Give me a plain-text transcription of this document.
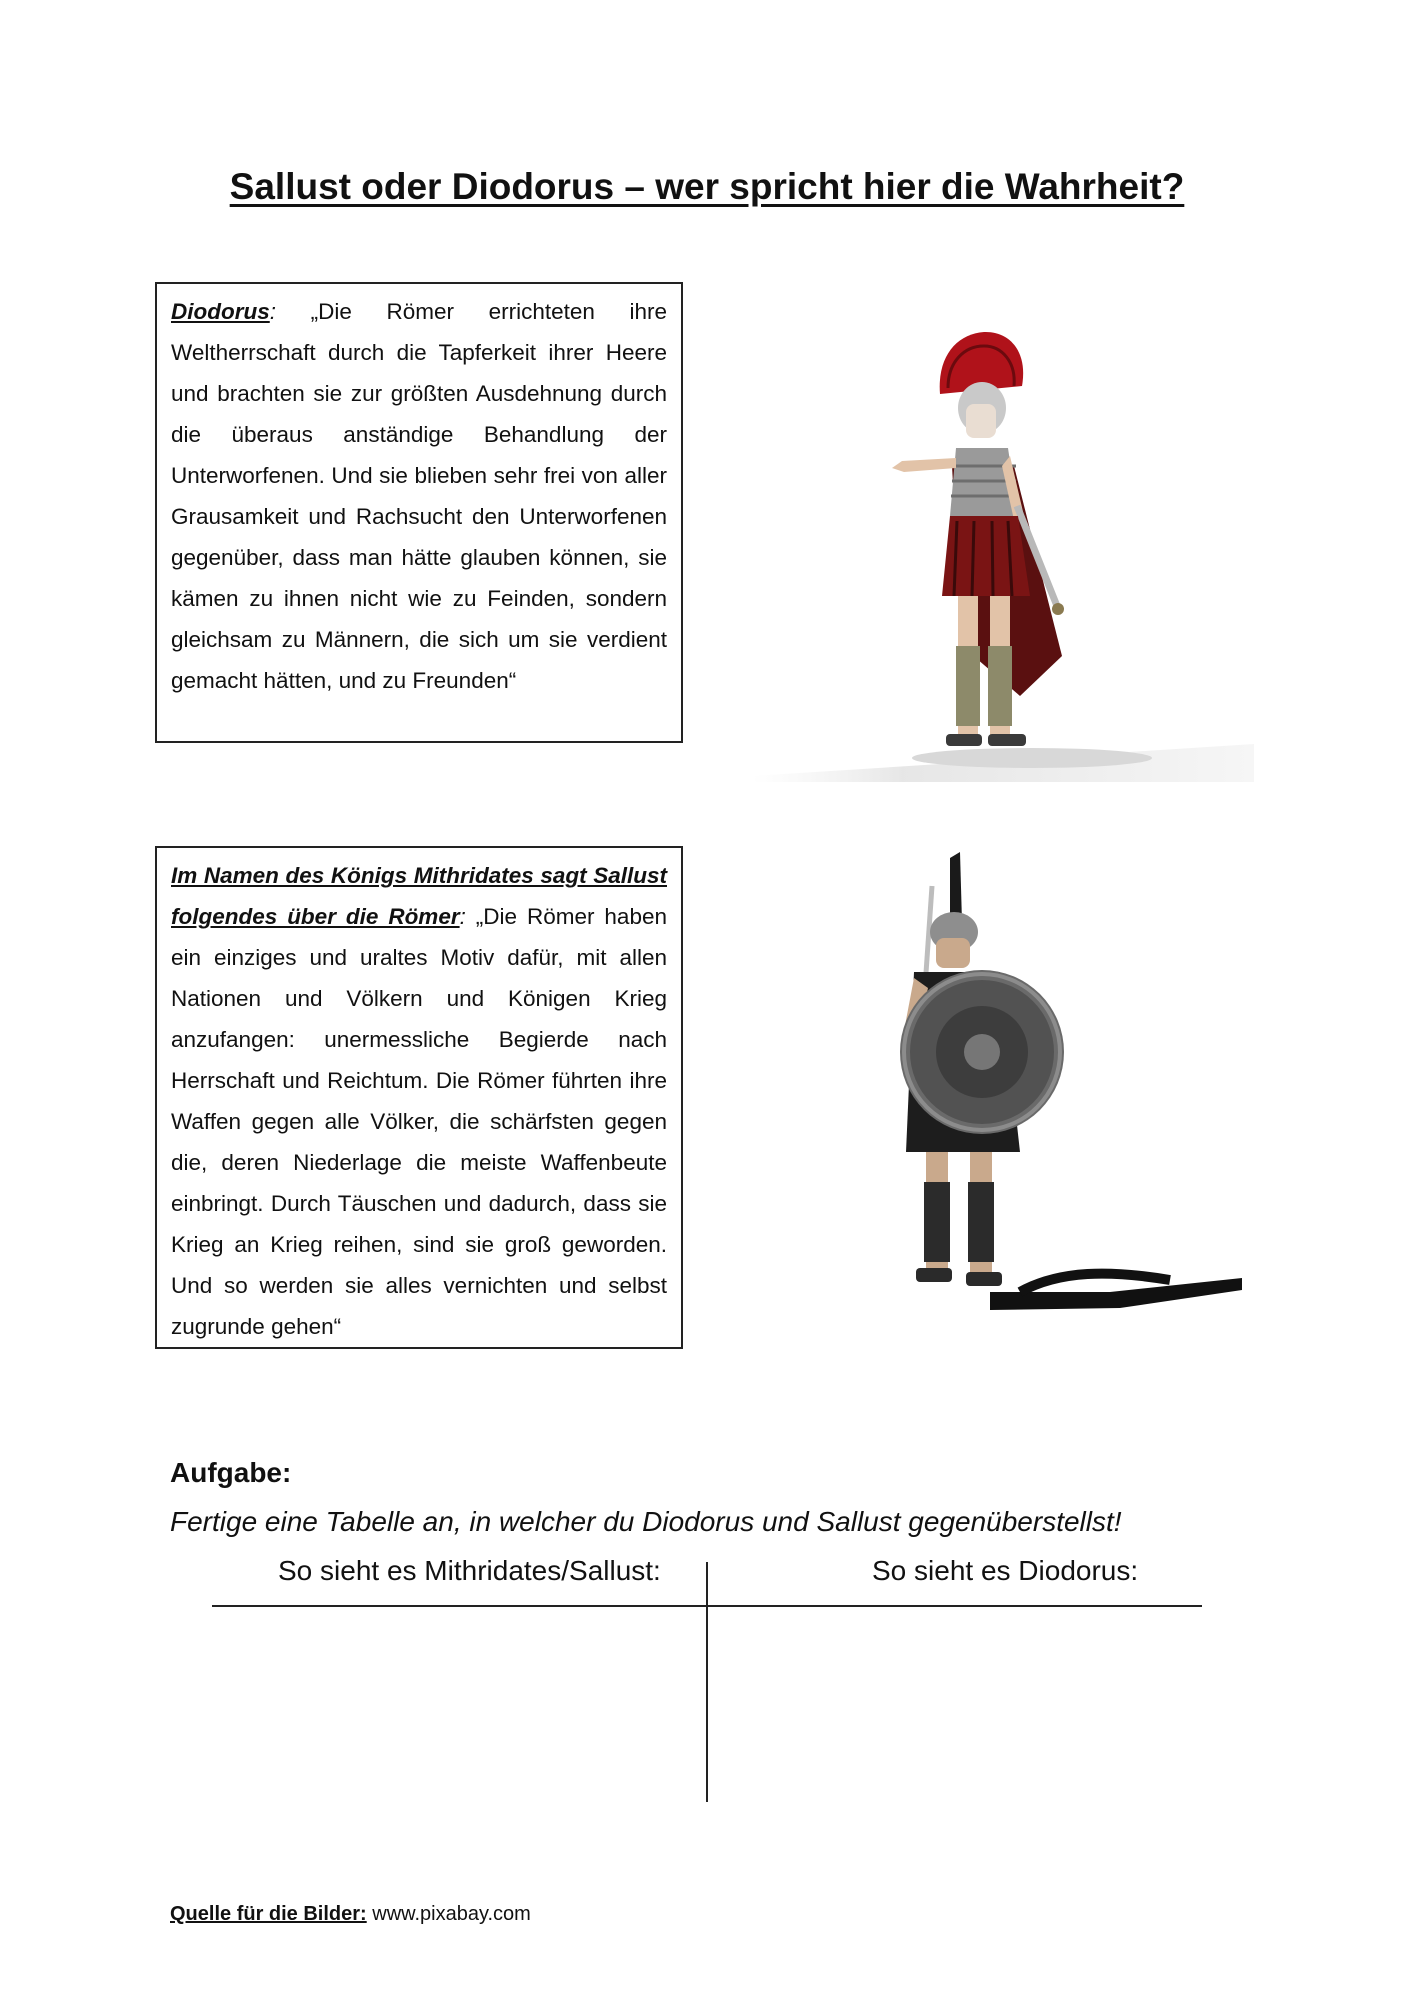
Sallust oder Diodorus – wer spricht hier die Wahrheit?
Diodorus: „Die Römer errichteten ihre Weltherrschaft durch die Tapferkeit ihrer Heere und brachten sie zur größten Ausdehnung durch die überaus anständige Behandlung der Unterworfenen. Und sie blieben sehr frei von aller Grausamkeit und Rachsucht den Unterworfenen gegenüber, dass man hätte glauben können, sie kämen zu ihnen nicht wie zu Feinden, sondern gleichsam zu Männern, die sich um sie verdient gemacht hätten, und zu Freunden“
Im Namen des Königs Mithridates sagt Sallust folgendes über die Römer: „Die Römer haben ein einziges und uraltes Motiv dafür, mit allen Nationen und Völkern und Königen Krieg anzufangen: unermessliche Begierde nach Herrschaft und Reichtum. Die Römer führten ihre Waffen gegen alle Völker, die schärfsten gegen die, deren Niederlage die meiste Waffenbeute einbringt. Durch Täuschen und dadurch, dass sie Krieg an Krieg reihen, sind sie groß geworden. Und so werden sie alles vernichten und selbst zugrunde gehen“
Aufgabe:
Fertige eine Tabelle an, in welcher du Diodorus und Sallust gegenüberstellst!
So sieht es Mithridates/Sallust:	So sieht es Diodorus:
Quelle für die Bilder: www.pixabay.com
